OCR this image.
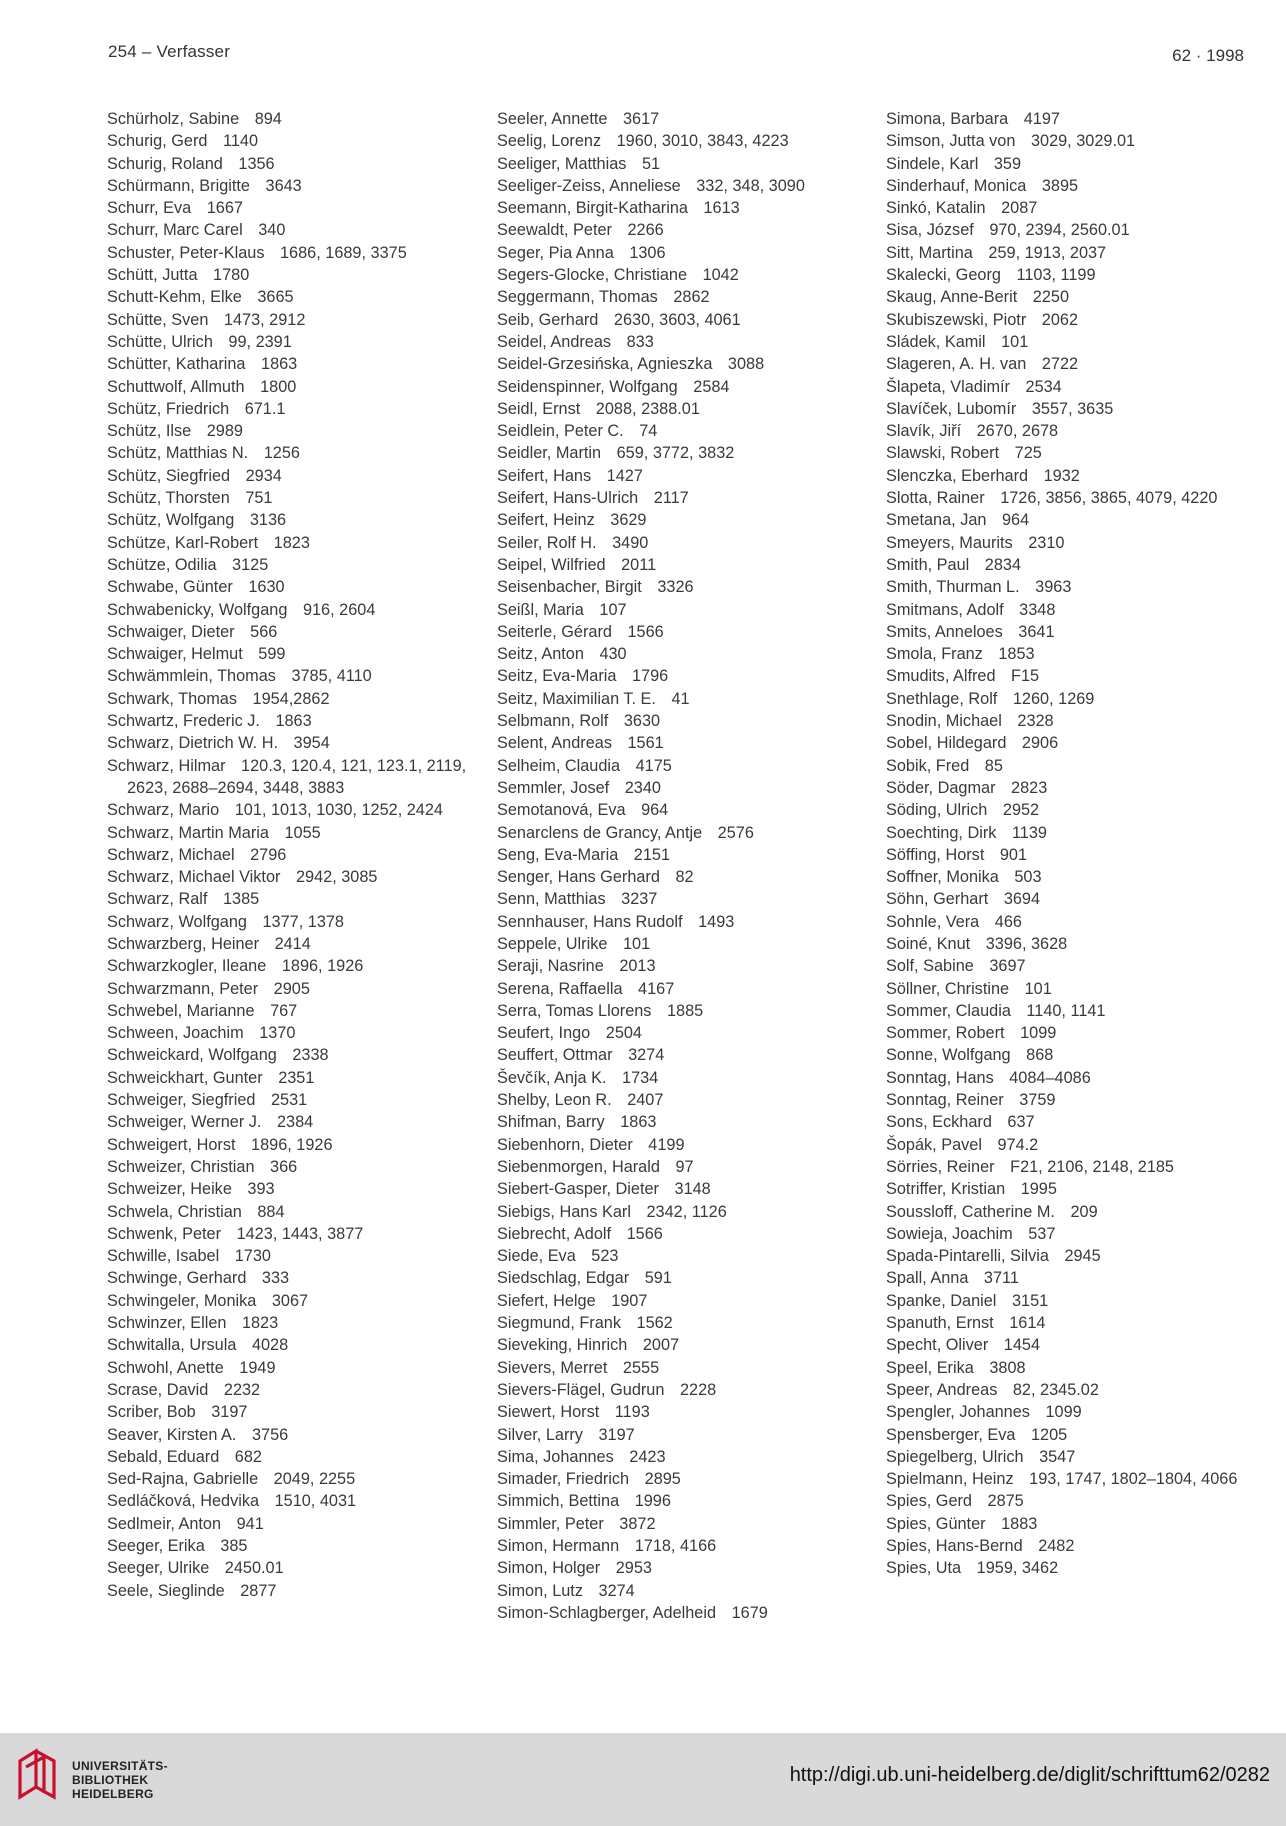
254 – Verfasser	62 · 1998

Schürholz, Sabine 894

Schurig, Gerd 1140

Schurig, Roland 1356

Schürmann, Brigitte 3643

Schurr, Eva 1667

Schurr, Marc Carel 340

Schuster, Peter-Klaus 1686, 1689, 3375

Schütt, Jutta 1780

Schutt-Kehm, Elke 3665

Schütte, Sven 1473, 2912

Schütte, Ulrich 99, 2391

Schütter, Katharina 1863

Schuttwolf, Allmuth 1800

Schütz, Friedrich 671.1

Schütz, Ilse 2989

Schütz, Matthias N. 1256

Schütz, Siegfried 2934

Schütz, Thorsten 751

Schütz, Wolfgang 3136

Schütze, Karl-Robert 1823

Schütze, Odilia 3125

Schwabe, Günter 1630

Schwabenicky, Wolfgang 916, 2604

Schwaiger, Dieter 566

Schwaiger, Helmut 599

Schwämmlein, Thomas 3785, 4110

Schwark, Thomas 1954,2862

Schwartz, Frederic J. 1863

Schwarz, Dietrich W. H. 3954

Schwarz, Hilmar 120.3, 120.4, 121, 123.1, 2119, 2623, 2688–2694, 3448, 3883

Schwarz, Mario 101, 1013, 1030, 1252, 2424

Schwarz, Martin Maria 1055

Schwarz, Michael 2796

Schwarz, Michael Viktor 2942, 3085

Schwarz, Ralf 1385

Schwarz, Wolfgang 1377, 1378

Schwarzberg, Heiner 2414

Schwarzkogler, Ileane 1896, 1926

Schwarzmann, Peter 2905

Schwebel, Marianne 767

Schween, Joachim 1370

Schweickard, Wolfgang 2338

Schweickhart, Gunter 2351

Schweiger, Siegfried 2531

Schweiger, Werner J. 2384

Schweigert, Horst 1896, 1926

Schweizer, Christian 366

Schweizer, Heike 393

Schwela, Christian 884

Schwenk, Peter 1423, 1443, 3877

Schwille, Isabel 1730

Schwinge, Gerhard 333

Schwingeler, Monika 3067

Schwinzer, Ellen 1823

Schwitalla, Ursula 4028

Schwohl, Anette 1949

Scrase, David 2232

Scriber, Bob 3197

Seaver, Kirsten A. 3756

Sebald, Eduard 682

Sed-Rajna, Gabrielle 2049, 2255

Sedláčková, Hedvika 1510, 4031

Sedlmeir, Anton 941

Seeger, Erika 385

Seeger, Ulrike 2450.01

Seele, Sieglinde 2877

Seeler, Annette 3617

Seelig, Lorenz 1960, 3010, 3843, 4223

Seeliger, Matthias 51

Seeliger-Zeiss, Anneliese 332, 348, 3090

Seemann, Birgit-Katharina 1613

Seewaldt, Peter 2266

Seger, Pia Anna 1306

Segers-Glocke, Christiane 1042

Seggermann, Thomas 2862

Seib, Gerhard 2630, 3603, 4061

Seidel, Andreas 833

Seidel-Grzesińska, Agnieszka 3088

Seidenspinner, Wolfgang 2584

Seidl, Ernst 2088, 2388.01

Seidlein, Peter C. 74

Seidler, Martin 659, 3772, 3832

Seifert, Hans 1427

Seifert, Hans-Ulrich 2117

Seifert, Heinz 3629

Seiler, Rolf H. 3490

Seipel, Wilfried 2011

Seisenbacher, Birgit 3326

Seißl, Maria 107

Seiterle, Gérard 1566

Seitz, Anton 430

Seitz, Eva-Maria 1796

Seitz, Maximilian T. E. 41

Selbmann, Rolf 3630

Selent, Andreas 1561

Selheim, Claudia 4175

Semmler, Josef 2340

Semotanová, Eva 964

Senarclens de Grancy, Antje 2576

Seng, Eva-Maria 2151

Senger, Hans Gerhard 82

Senn, Matthias 3237

Sennhauser, Hans Rudolf 1493

Seppele, Ulrike 101

Seraji, Nasrine 2013

Serena, Raffaella 4167

Serra, Tomas Llorens 1885

Seufert, Ingo 2504

Seuffert, Ottmar 3274

Ševčík, Anja K. 1734

Shelby, Leon R. 2407

Shifman, Barry 1863

Siebenhorn, Dieter 4199

Siebenmorgen, Harald 97

Siebert-Gasper, Dieter 3148

Siebigs, Hans Karl 2342, 1126

Siebrecht, Adolf 1566

Siede, Eva 523

Siedschlag, Edgar 591

Siefert, Helge 1907

Siegmund, Frank 1562

Sieveking, Hinrich 2007

Sievers, Merret 2555

Sievers-Flägel, Gudrun 2228

Siewert, Horst 1193

Silver, Larry 3197

Sima, Johannes 2423

Simader, Friedrich 2895

Simmich, Bettina 1996

Simmler, Peter 3872

Simon, Hermann 1718, 4166

Simon, Holger 2953

Simon, Lutz 3274

Simon-Schlagberger, Adelheid 1679

Simona, Barbara 4197

Simson, Jutta von 3029, 3029.01

Sindele, Karl 359

Sinderhauf, Monica 3895

Sinkó, Katalin 2087

Sisa, József 970, 2394, 2560.01

Sitt, Martina 259, 1913, 2037

Skalecki, Georg 1103, 1199

Skaug, Anne-Berit 2250

Skubiszewski, Piotr 2062

Sládek, Kamil 101

Slageren, A. H. van 2722

Šlapeta, Vladimír 2534

Slavíček, Lubomír 3557, 3635

Slavík, Jiří 2670, 2678

Slawski, Robert 725

Slenczka, Eberhard 1932

Slotta, Rainer 1726, 3856, 3865, 4079, 4220

Smetana, Jan 964

Smeyers, Maurits 2310

Smith, Paul 2834

Smith, Thurman L. 3963

Smitmans, Adolf 3348

Smits, Anneloes 3641

Smola, Franz 1853

Smudits, Alfred F15

Snethlage, Rolf 1260, 1269

Snodin, Michael 2328

Sobel, Hildegard 2906

Sobik, Fred 85

Söder, Dagmar 2823

Söding, Ulrich 2952

Soechting, Dirk 1139

Söffing, Horst 901

Soffner, Monika 503

Söhn, Gerhart 3694

Sohnle, Vera 466

Soiné, Knut 3396, 3628

Solf, Sabine 3697

Söllner, Christine 101

Sommer, Claudia 1140, 1141

Sommer, Robert 1099

Sonne, Wolfgang 868

Sonntag, Hans 4084–4086

Sonntag, Reiner 3759

Sons, Eckhard 637

Šopák, Pavel 974.2

Sörries, Reiner F21, 2106, 2148, 2185

Sotriffer, Kristian 1995

Soussloff, Catherine M. 209

Sowieja, Joachim 537

Spada-Pintarelli, Silvia 2945

Spall, Anna 3711

Spanke, Daniel 3151

Spanuth, Ernst 1614

Specht, Oliver 1454

Speel, Erika 3808

Speer, Andreas 82, 2345.02

Spengler, Johannes 1099

Spensberger, Eva 1205

Spiegelberg, Ulrich 3547

Spielmann, Heinz 193, 1747, 1802–1804, 4066

Spies, Gerd 2875

Spies, Günter 1883

Spies, Hans-Bernd 2482

Spies, Uta 1959, 3462

UNIVERSITÄTS-
BIBLIOTHEK
HEIDELBERG
http://digi.ub.uni-heidelberg.de/diglit/schrifttum62/0282
